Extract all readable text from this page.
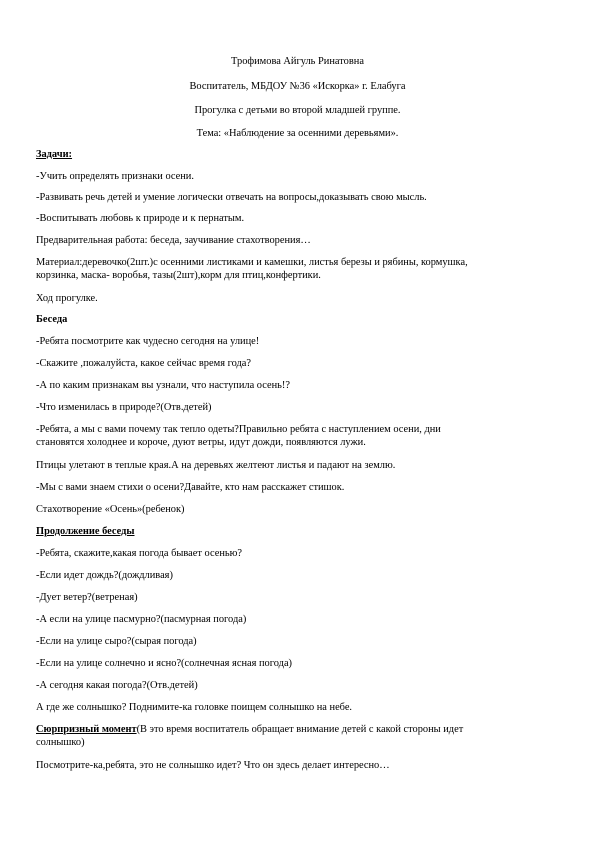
Трофимова Айгуль Ринатовна
Воспитатель, МБДОУ №36 «Искорка» г. Елабуга
Прогулка с детьми во второй младшей группе.
Тема: «Наблюдение за осенними деревьями».
Задачи:
-Учить определять признаки осени.
-Развивать речь детей и умение логически отвечать на вопросы,доказывать свою мысль.
-Воспитывать любовь к природе и к пернатым.
Предварительная работа: беседа, заучивание стахотворения…
Материал:деревочко(2шт.)с осенними листиками и камешки, листья березы и рябины, кормушка,
корзинка, маска- воробья, тазы(2шт),корм для птиц,конфертики.
Ход прогулке.
Беседа
-Ребята посмотрите как чудесно сегодня на улице!
-Скажите ,пожалуйста, какое сейчас время года?
-А по каким признакам вы узнали, что наступила осень!?
-Что изменилась в природе?(Отв.детей)
-Ребята, а мы с вами почему так тепло одеты?Правильно ребята с наступлением осени, дни
становятся холоднее и короче, дуют ветры, идут дожди, появляются лужи.
Птицы улетают в теплые края.А на деревьях желтеют листья и падают на землю.
-Мы с вами знаем стихи о осени?Давайте, кто нам расскажет стишок.
Стахотворение «Осень»(ребенок)
Продолжение беседы
-Ребята, скажите,какая погода бывает осенью?
-Если идет дождь?(дождливая)
-Дует ветер?(ветреная)
-А если на улице пасмурно?(пасмурная погода)
-Если на улице сыро?(сырая погода)
-Если на улице солнечно и ясно?(солнечная ясная погода)
-А сегодня какая погода?(Отв.детей)
А где же солнышко? Поднимите-ка головке поищем солнышко на небе.
Сюрпризный момент(В это время воспитатель обращает внимание детей с какой стороны идет
солнышко)
Посмотрите-ка,ребята, это не солнышко идет? Что он здесь делает интересно…
